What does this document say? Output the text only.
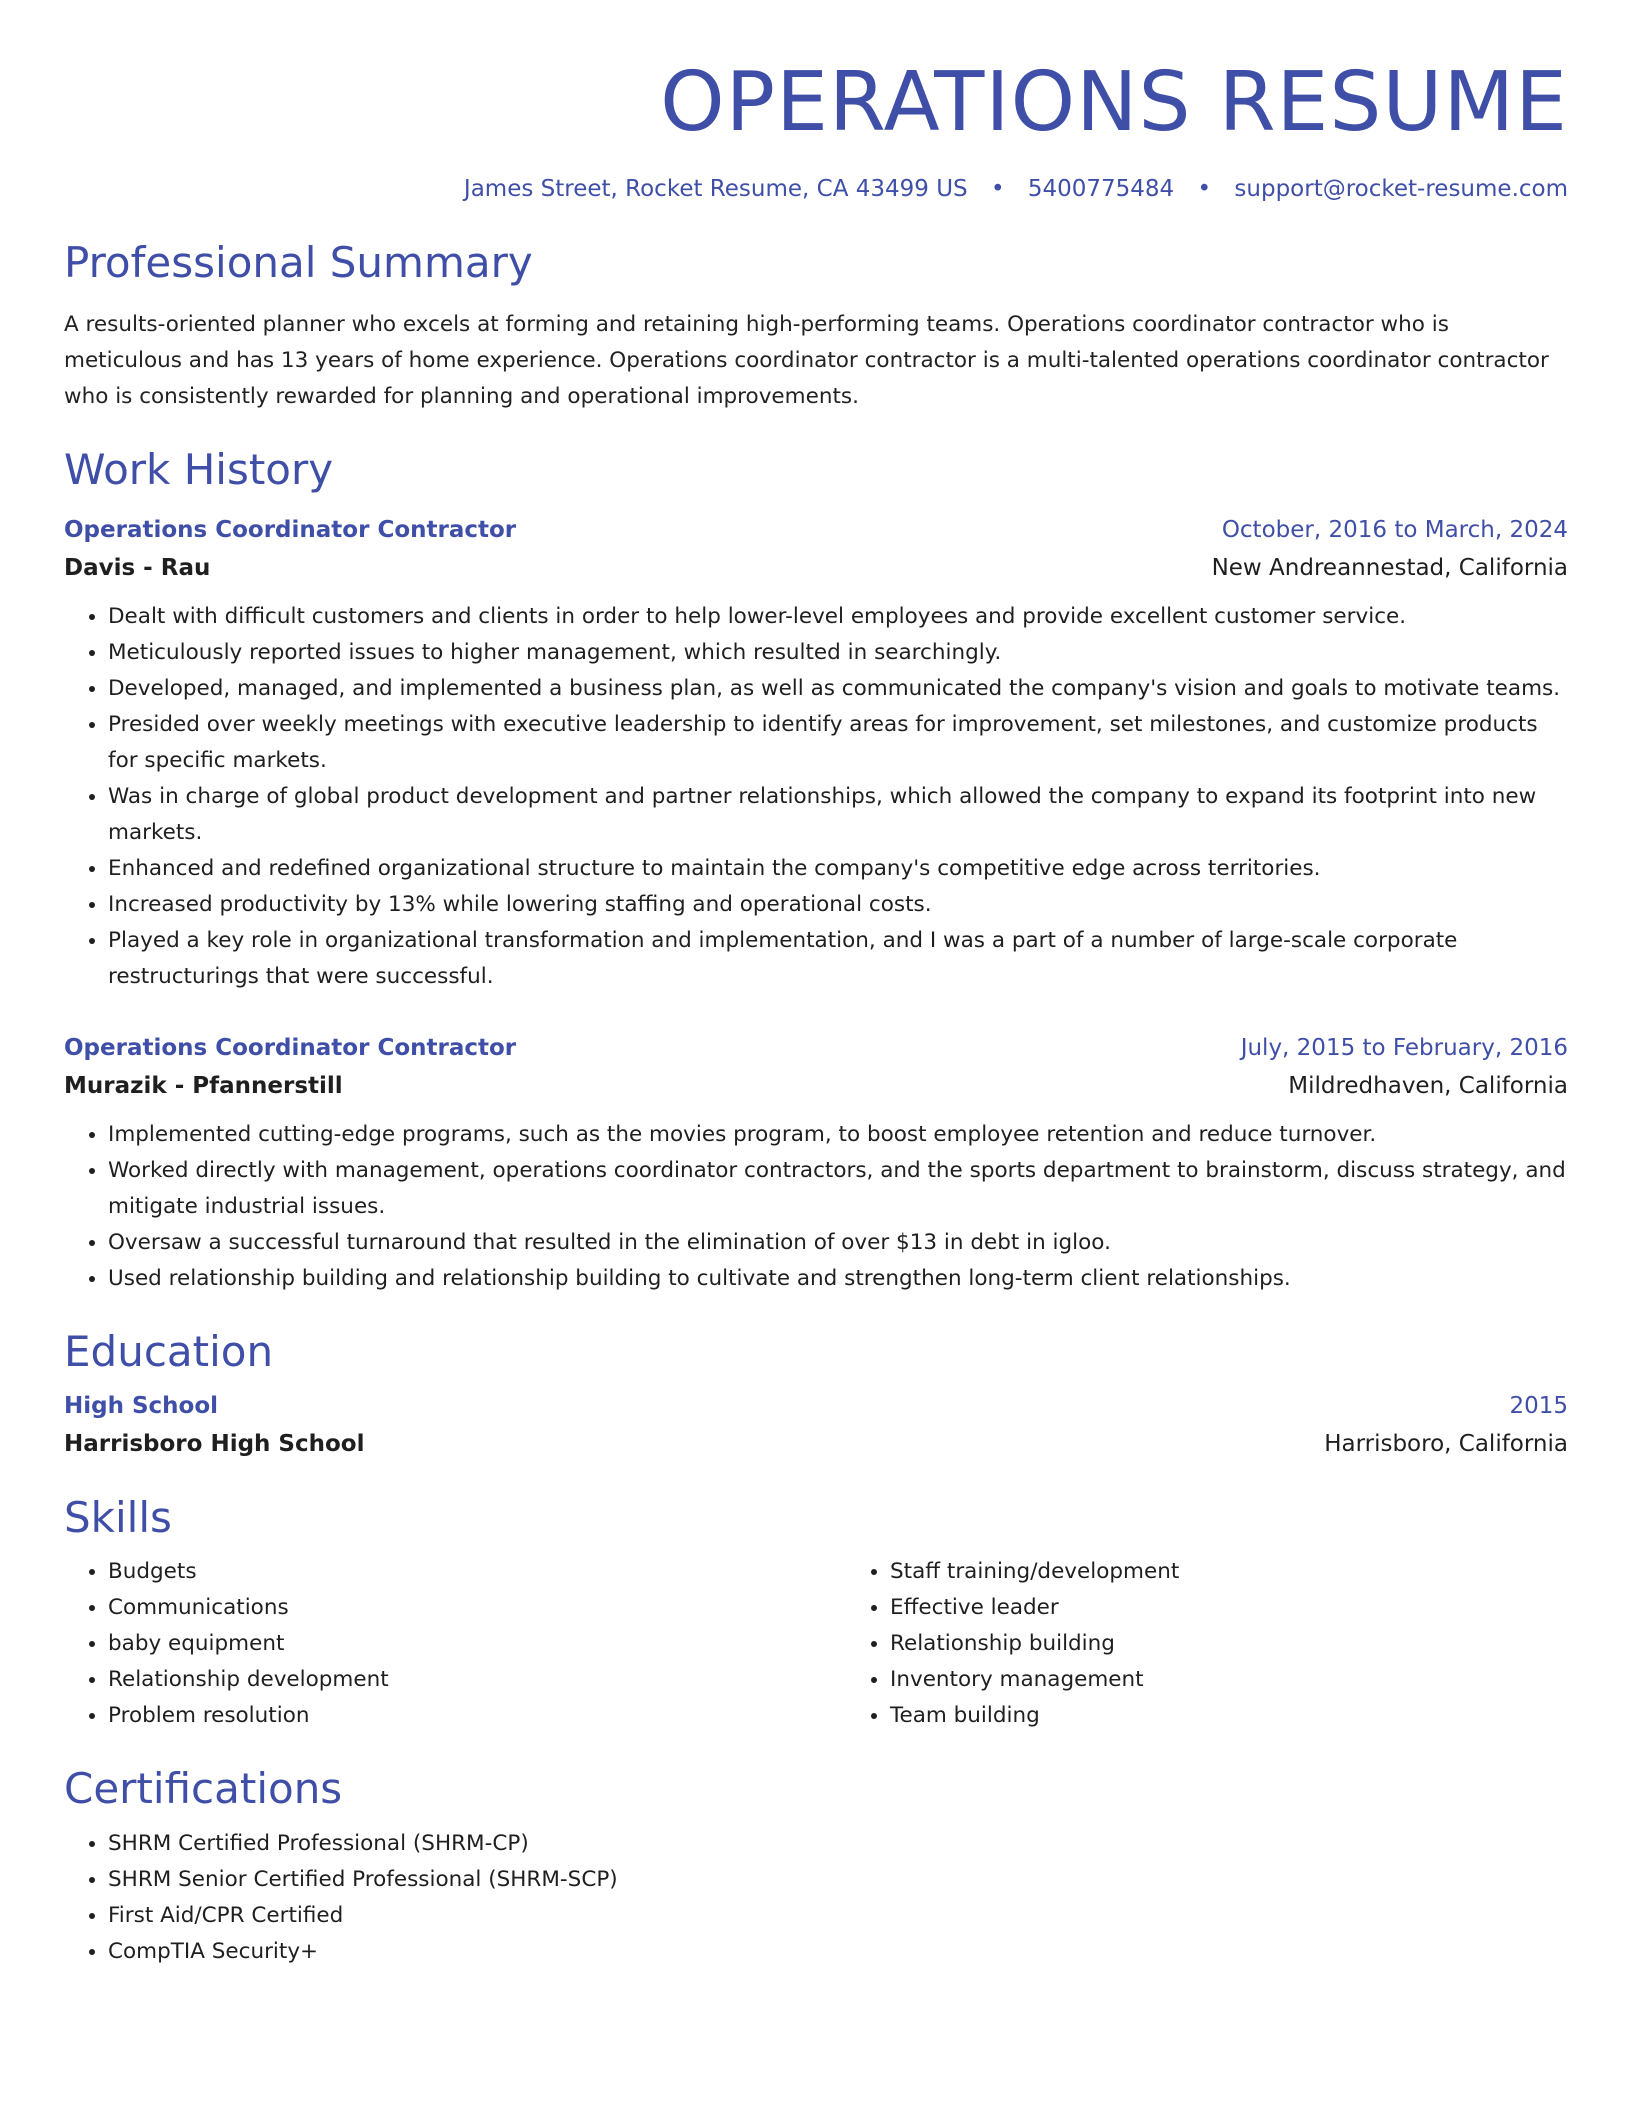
OPERATIONS RESUME
James Street, Rocket Resume, CA 43499 US • 5400775484 • support@rocket-resume.com
Professional Summary

A results-oriented planner who excels at forming and retaining high-performing teams. Operations coordinator contractor who is meticulous and has 13 years of home experience. Operations coordinator contractor is a multi-talented operations coordinator contractor who is consistently rewarded for planning and operational improvements.

Work History
Operations Coordinator Contractor	October, 2016 to March, 2024
Davis - Rau	New Andreannestad, California
• Dealt with difficult customers and clients in order to help lower-level employees and provide excellent customer service.
• Meticulously reported issues to higher management, which resulted in searchingly.
• Developed, managed, and implemented a business plan, as well as communicated the company's vision and goals to motivate teams.
• Presided over weekly meetings with executive leadership to identify areas for improvement, set milestones, and customize products for specific markets.
• Was in charge of global product development and partner relationships, which allowed the company to expand its footprint into new markets.
• Enhanced and redefined organizational structure to maintain the company's competitive edge across territories.
• Increased productivity by 13% while lowering staffing and operational costs.
• Played a key role in organizational transformation and implementation, and I was a part of a number of large-scale corporate restructurings that were successful.
Operations Coordinator Contractor	July, 2015 to February, 2016
Murazik - Pfannerstill	Mildredhaven, California
• Implemented cutting-edge programs, such as the movies program, to boost employee retention and reduce turnover.
• Worked directly with management, operations coordinator contractors, and the sports department to brainstorm, discuss strategy, and mitigate industrial issues.
• Oversaw a successful turnaround that resulted in the elimination of over $13 in debt in igloo.
• Used relationship building and relationship building to cultivate and strengthen long-term client relationships.
Education
High School	2015
Harrisboro High School	Harrisboro, California
Skills
• Budgets
• Communications
• baby equipment
• Relationship development
• Problem resolution
• Staff training/development
• Effective leader
• Relationship building
• Inventory management
• Team building
Certifications
• SHRM Certified Professional (SHRM-CP)
• SHRM Senior Certified Professional (SHRM-SCP)
• First Aid/CPR Certified
• CompTIA Security+
